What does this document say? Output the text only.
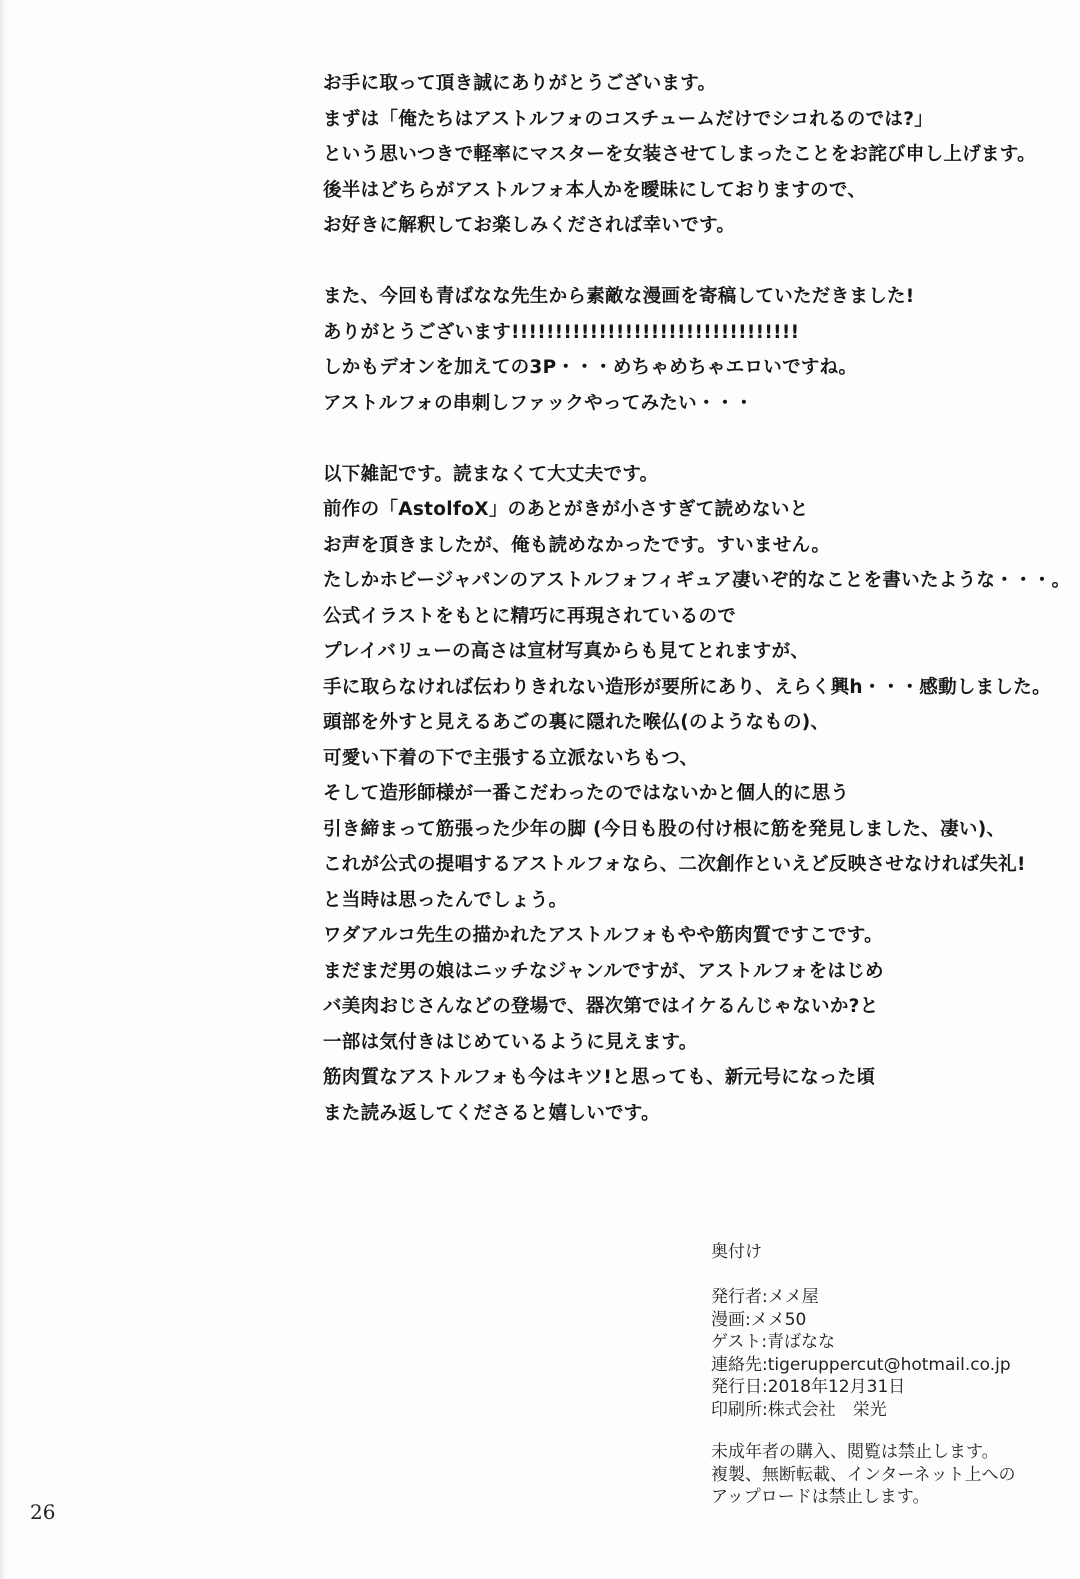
お手に取って頂き誠にありがとうございます。
まずは「俺たちはアストルフォのコスチュームだけでシコれるのでは?」
という思いつきで軽率にマスターを女装させてしまったことをお詫び申し上げます。
後半はどちらがアストルフォ本人かを曖昧にしておりますので、
お好きに解釈してお楽しみくだされば幸いです。
また、今回も青ばなな先生から素敵な漫画を寄稿していただきました!
ありがとうございます!!!!!!!!!!!!!!!!!!!!!!!!!!!!!!!!!
しかもデオンを加えての3P・・・めちゃめちゃエロいですね。
アストルフォの串刺しファックやってみたい・・・
以下雑記です。読まなくて大丈夫です。
前作の「AstolfoX」のあとがきが小さすぎて読めないと
お声を頂きましたが、俺も読めなかったです。すいません。
たしかホビージャパンのアストルフォフィギュア凄いぞ的なことを書いたような・・・。
公式イラストをもとに精巧に再現されているので
プレイバリューの高さは宣材写真からも見てとれますが、
手に取らなければ伝わりきれない造形が要所にあり、えらく興h・・・感動しました。
頭部を外すと見えるあごの裏に隠れた喉仏(のようなもの)、
可愛い下着の下で主張する立派ないちもつ、
そして造形師様が一番こだわったのではないかと個人的に思う
引き締まって筋張った少年の脚 (今日も股の付け根に筋を発見しました、凄い)、
これが公式の提唱するアストルフォなら、二次創作といえど反映させなければ失礼!
と当時は思ったんでしょう。
ワダアルコ先生の描かれたアストルフォもやや筋肉質ですこです。
まだまだ男の娘はニッチなジャンルですが、アストルフォをはじめ
バ美肉おじさんなどの登場で、器次第ではイケるんじゃないか?と
一部は気付きはじめているように見えます。
筋肉質なアストルフォも今はキツ!と思っても、新元号になった頃
また読み返してくださると嬉しいです。
奥付け
発行者:メメ屋
漫画:メメ50
ゲスト:青ばなな
連絡先:tigeruppercut@hotmail.co.jp
発行日:2018年12月31日
印刷所:株式会社　栄光
未成年者の購入、閲覧は禁止します。
複製、無断転載、インターネット上への
アップロードは禁止します。
26
